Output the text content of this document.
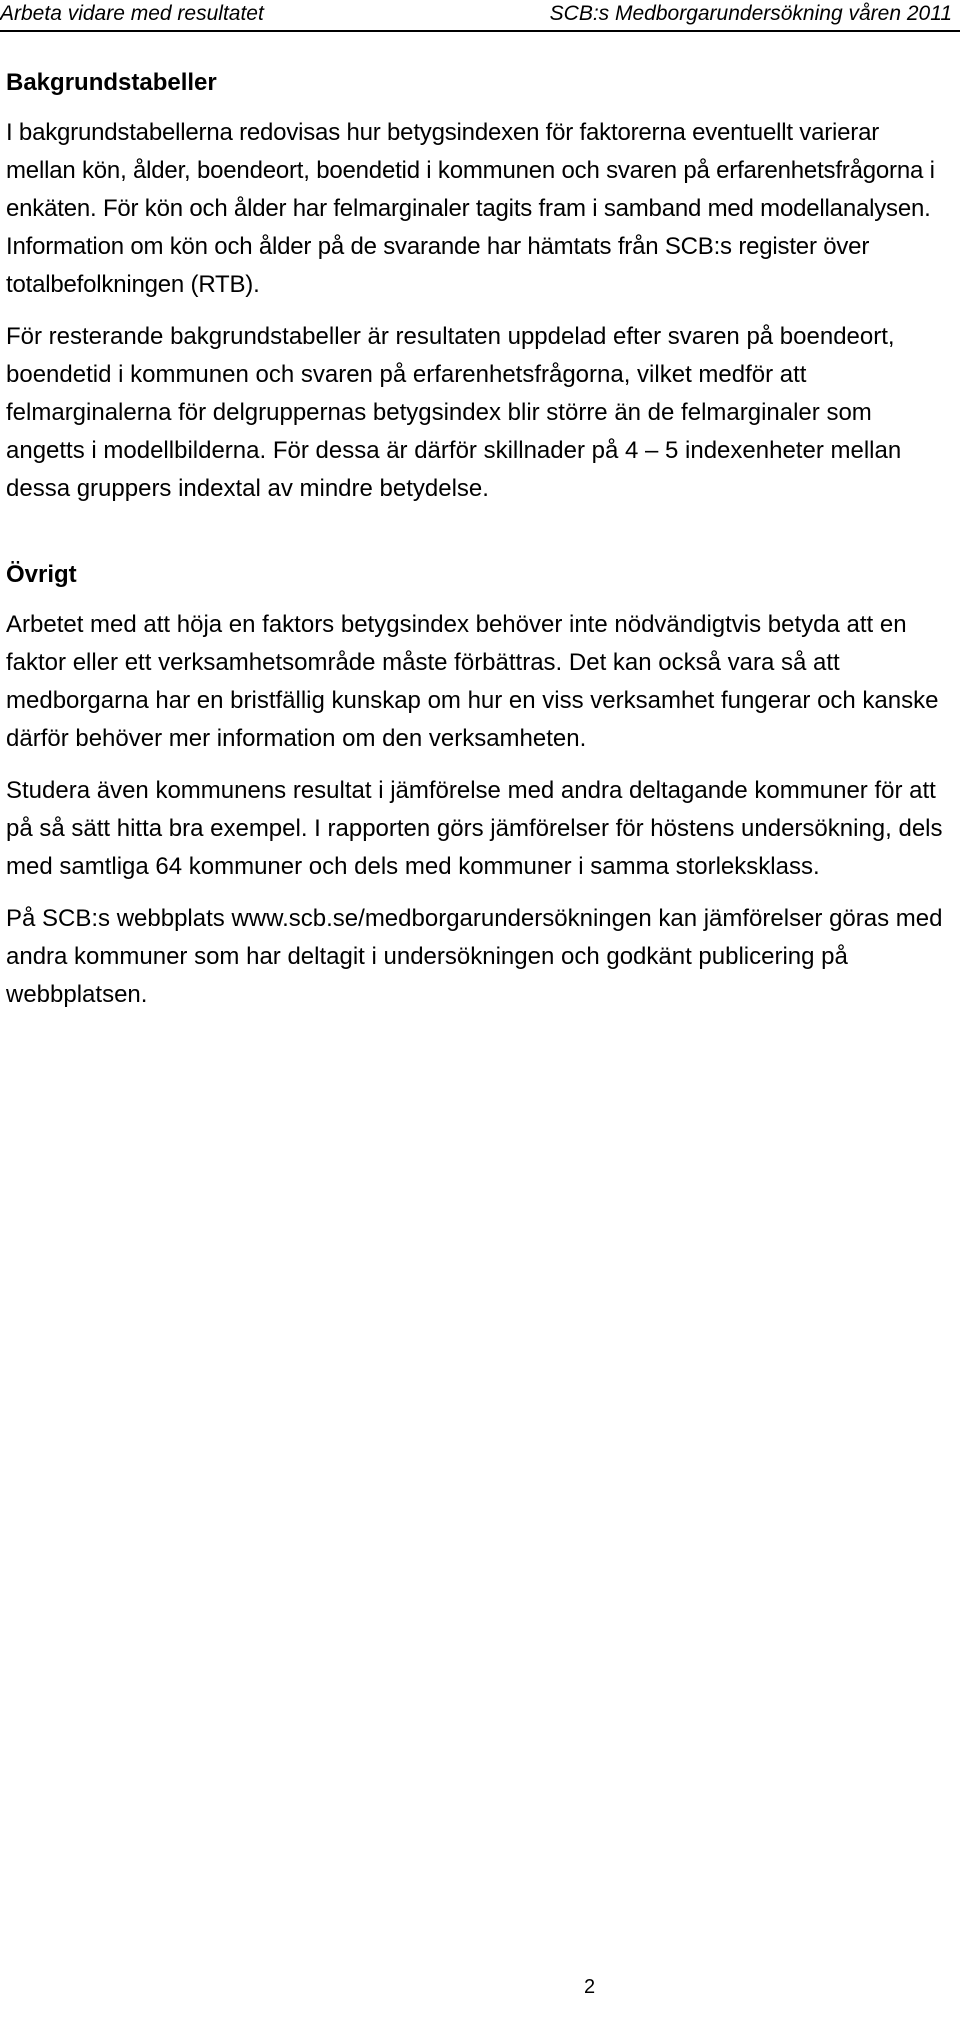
Arbeta vidare med resultatet	SCB:s Medborgarundersökning våren 2011
Bakgrundstabeller

I bakgrundstabellerna redovisas hur betygsindexen för faktorerna eventuellt varierar mellan kön, ålder, boendeort, boendetid i kommunen och svaren på erfarenhetsfrågorna i enkäten. För kön och ålder har felmarginaler tagits fram i samband med modellanalysen. Information om kön och ålder på de svarande har hämtats från SCB:s register över totalbefolkningen (RTB).

För resterande bakgrundstabeller är resultaten uppdelad efter svaren på boendeort, boendetid i kommunen och svaren på erfarenhetsfrågorna, vilket medför att felmarginalerna för delgruppernas betygsindex blir större än de felmarginaler som angetts i modellbilderna. För dessa är därför skillnader på 4 – 5 indexenheter mellan dessa gruppers indextal av mindre betydelse.

Övrigt

Arbetet med att höja en faktors betygsindex behöver inte nödvändigtvis betyda att en faktor eller ett verksamhetsområde måste förbättras. Det kan också vara så att medborgarna har en bristfällig kunskap om hur en viss verksamhet fungerar och kanske därför behöver mer information om den verksamheten.

Studera även kommunens resultat i jämförelse med andra deltagande kommuner för att på så sätt hitta bra exempel. I rapporten görs jämförelser för höstens undersökning, dels med samtliga 64 kommuner och dels med kommuner i samma storleksklass.

På SCB:s webbplats www.scb.se/medborgarundersökningen kan jämförelser göras med andra kommuner som har deltagit i undersökningen och godkänt publicering på webbplatsen.

2
